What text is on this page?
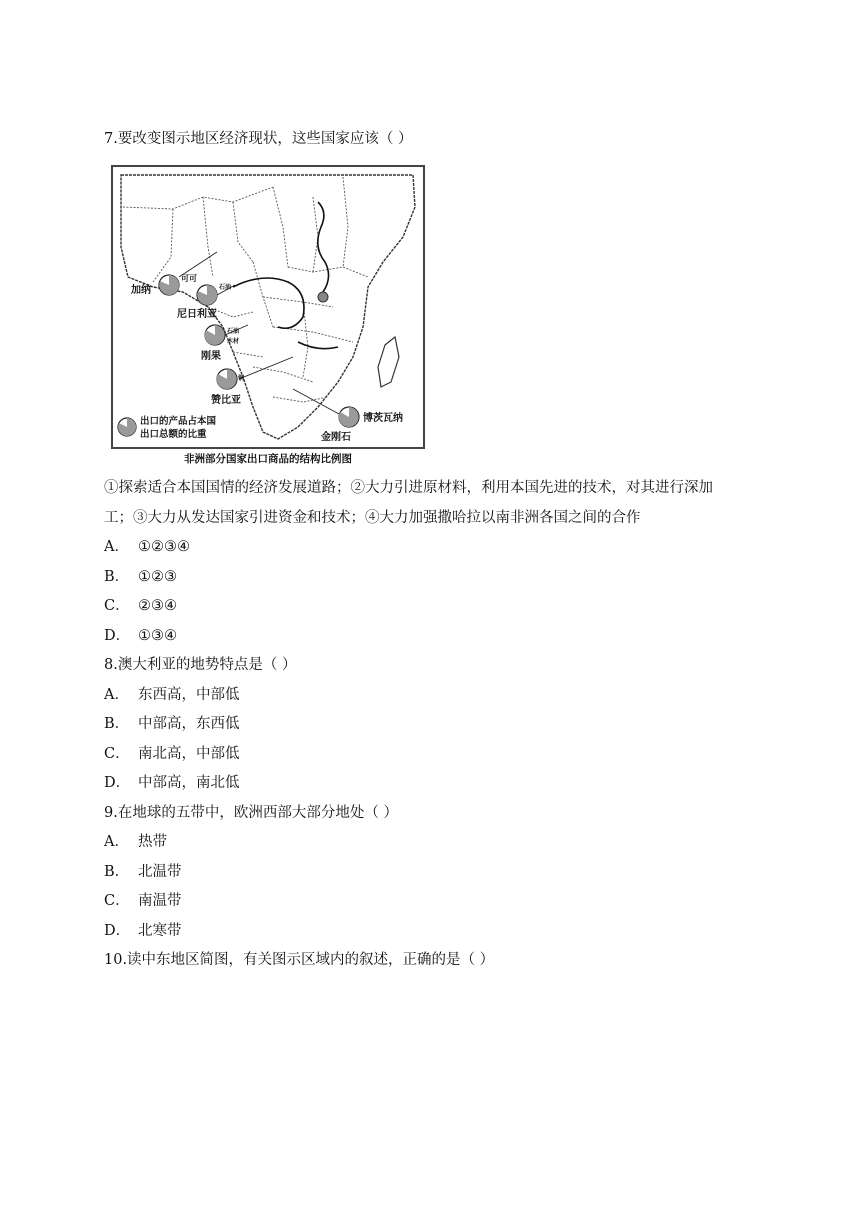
7.要改变图示地区经济现状，这些国家应该（ ）
加纳
可可
石油
尼日利亚
石油
木材
刚果
铜
赞比亚
博茨瓦纳
金刚石
出口的产品占本国
出口总额的比重
非洲部分国家出口商品的结构比例图
①探索适合本国国情的经济发展道路；②大力引进原材料，利用本国先进的技术，对其进行深加
工；③大力从发达国家引进资金和技术；④大力加强撒哈拉以南非洲各国之间的合作
A． ①②③④
B． ①②③
C． ②③④
D． ①③④
8.澳大利亚的地势特点是（ ）
A． 东西高，中部低
B． 中部高，东西低
C． 南北高，中部低
D． 中部高，南北低
9.在地球的五带中，欧洲西部大部分地处（ ）
A． 热带
B． 北温带
C． 南温带
D． 北寒带
10.读中东地区简图，有关图示区域内的叙述，正确的是（ ）
